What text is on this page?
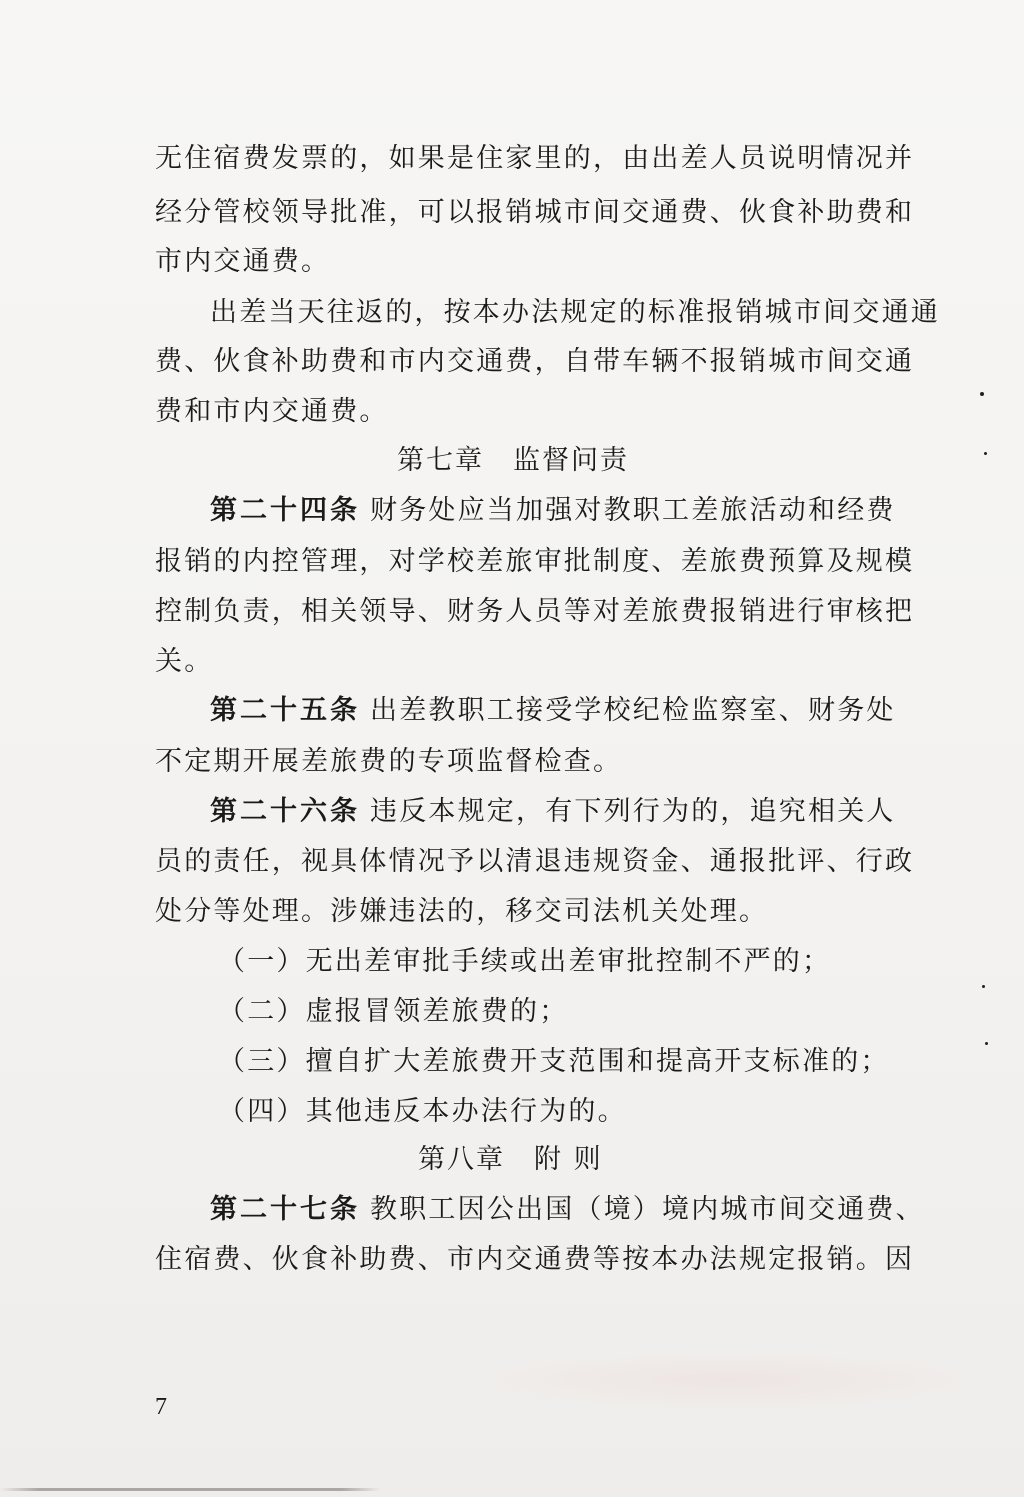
无住宿费发票的，如果是住家里的，由出差人员说明情况并
经分管校领导批准，可以报销城市间交通费、伙食补助费和
市内交通费。
出差当天往返的，按本办法规定的标准报销城市间交通通
费、伙食补助费和市内交通费，自带车辆不报销城市间交通
费和市内交通费。
第七章　监督问责
第二十四条 财务处应当加强对教职工差旅活动和经费
报销的内控管理，对学校差旅审批制度、差旅费预算及规模
控制负责，相关领导、财务人员等对差旅费报销进行审核把
关。
第二十五条 出差教职工接受学校纪检监察室、财务处
不定期开展差旅费的专项监督检查。
第二十六条 违反本规定，有下列行为的，追究相关人
员的责任，视具体情况予以清退违规资金、通报批评、行政
处分等处理。涉嫌违法的，移交司法机关处理。
（一）无出差审批手续或出差审批控制不严的；
（二）虚报冒领差旅费的；
（三）擅自扩大差旅费开支范围和提高开支标准的；
（四）其他违反本办法行为的。
第八章　附 则
第二十七条 教职工因公出国（境）境内城市间交通费、
住宿费、伙食补助费、市内交通费等按本办法规定报销。因
7
